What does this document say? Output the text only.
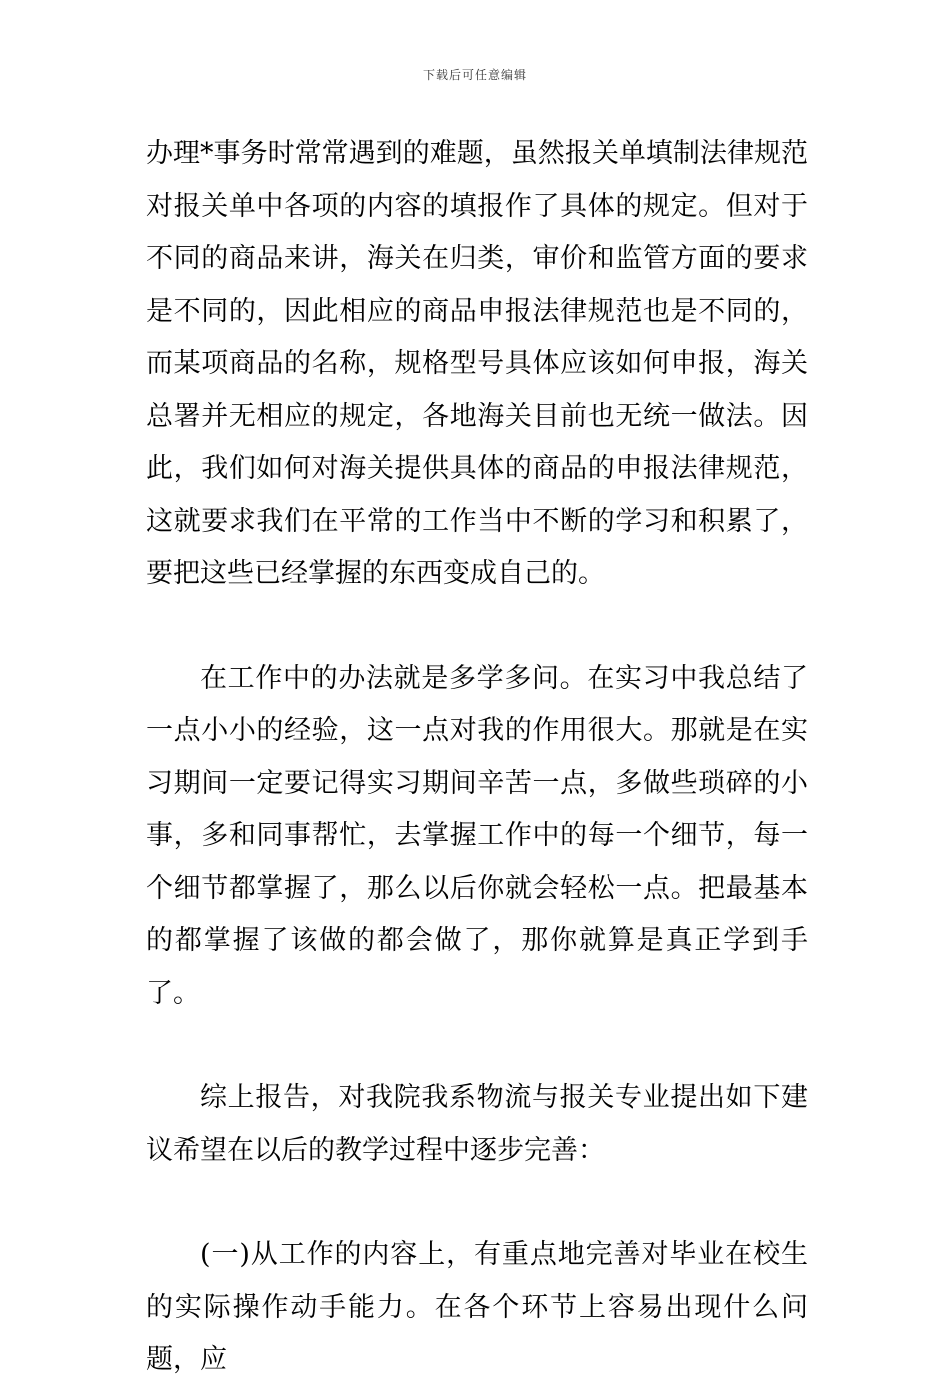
下载后可任意编辑

办理*事务时常常遇到的难题，虽然报关单填制法律规范对报关单中各项的内容的填报作了具体的规定。但对于不同的商品来讲，海关在归类，审价和监管方面的要求是不同的，因此相应的商品申报法律规范也是不同的，而某项商品的名称，规格型号具体应该如何申报，海关总署并无相应的规定，各地海关目前也无统一做法。因此，我们如何对海关提供具体的商品的申报法律规范，这就要求我们在平常的工作当中不断的学习和积累了，要把这些已经掌握的东西变成自己的。

在工作中的办法就是多学多问。在实习中我总结了一点小小的经验，这一点对我的作用很大。那就是在实习期间一定要记得实习期间辛苦一点，多做些琐碎的小事，多和同事帮忙，去掌握工作中的每一个细节，每一个细节都掌握了，那么以后你就会轻松一点。把最基本的都掌握了该做的都会做了，那你就算是真正学到手了。

综上报告，对我院我系物流与报关专业提出如下建议希望在以后的教学过程中逐步完善：

(一)从工作的内容上，有重点地完善对毕业在校生的实际操作动手能力。在各个环节上容易出现什么问题，应
